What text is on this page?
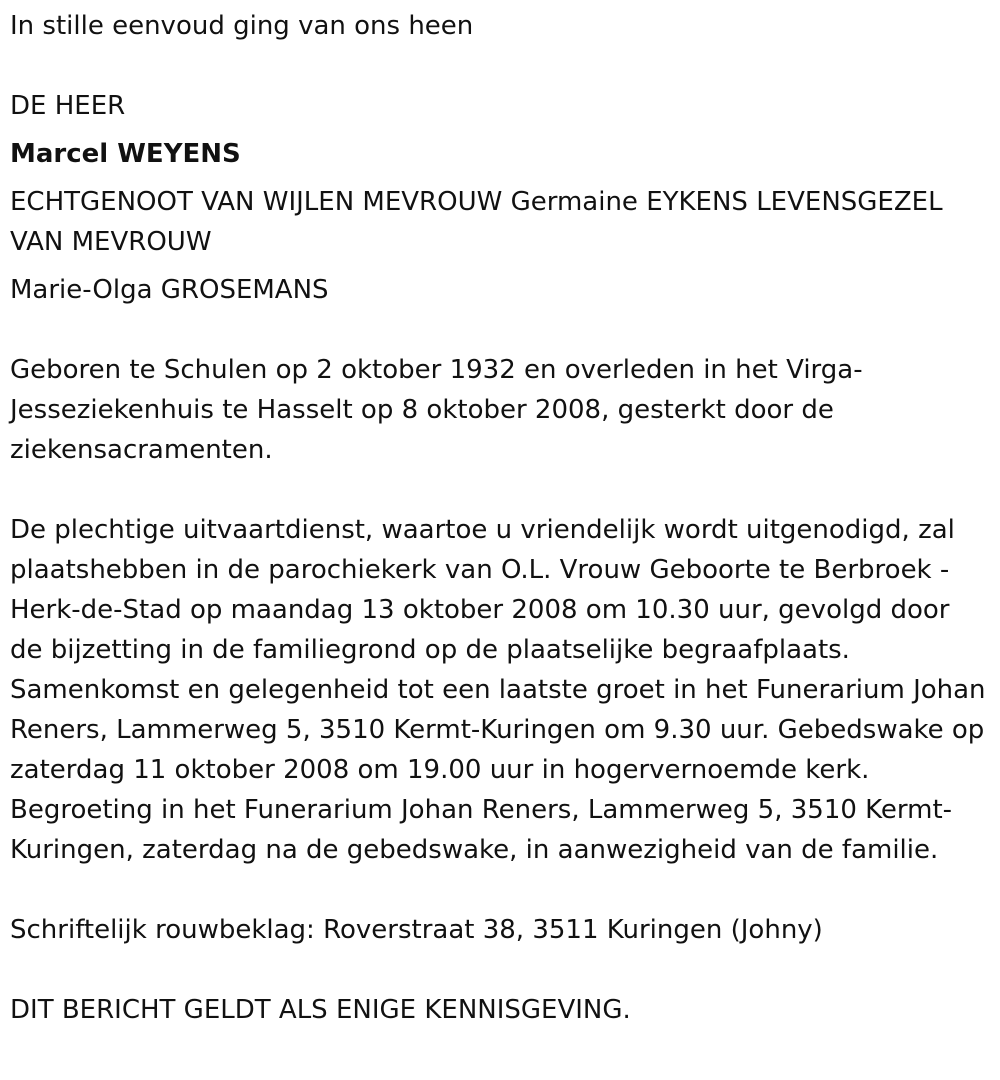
In stille eenvoud ging van ons heen

DE HEER

Marcel WEYENS

ECHTGENOOT VAN WIJLEN MEVROUW Germaine EYKENS LEVENSGEZEL VAN MEVROUW

Marie-Olga GROSEMANS

Geboren te Schulen op 2 oktober 1932 en overleden in het Virga-Jesseziekenhuis te Hasselt op 8 oktober 2008, gesterkt door de ziekensacramenten.

De plechtige uitvaartdienst, waartoe u vriendelijk wordt uitgenodigd, zal plaatshebben in de parochiekerk van O.L. Vrouw Geboorte te Berbroek - Herk-de-Stad op maandag 13 oktober 2008 om 10.30 uur, gevolgd door de bijzetting in de familiegrond op de plaatselijke begraafplaats. Samenkomst en gelegenheid tot een laatste groet in het Funerarium Johan Reners, Lammerweg 5, 3510 Kermt-Kuringen om 9.30 uur. Gebedswake op zaterdag 11 oktober 2008 om 19.00 uur in hogervernoemde kerk. Begroeting in het Funerarium Johan Reners, Lammerweg 5, 3510 Kermt-Kuringen, zaterdag na de gebedswake, in aanwezigheid van de familie.

Schriftelijk rouwbeklag: Roverstraat 38, 3511 Kuringen (Johny)

DIT BERICHT GELDT ALS ENIGE KENNISGEVING.
